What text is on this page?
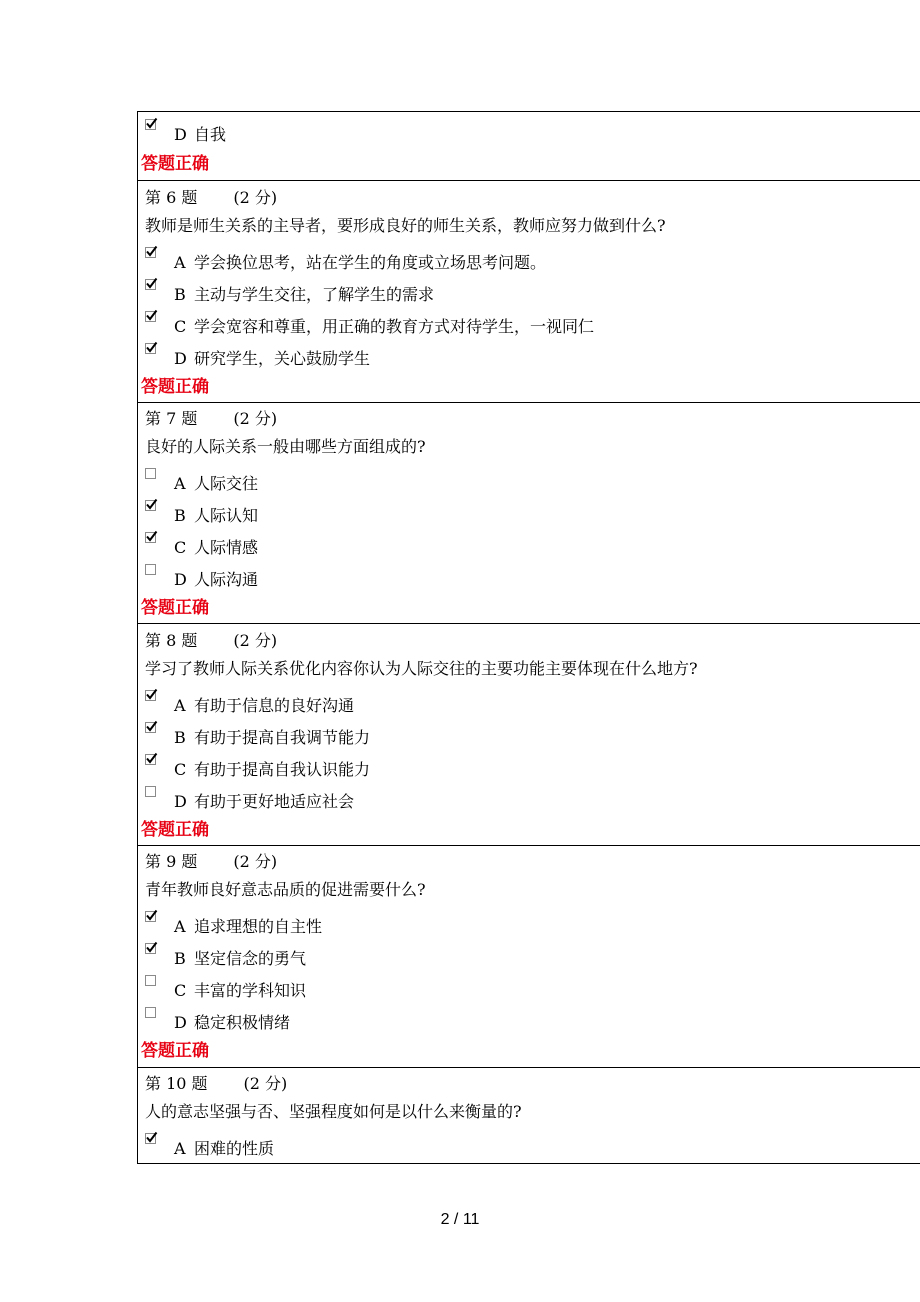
D 自我
答题正确
第 6 题 (2 分)
教师是师生关系的主导者，要形成良好的师生关系，教师应努力做到什么?
A 学会换位思考，站在学生的角度或立场思考问题。
B 主动与学生交往，了解学生的需求
C 学会宽容和尊重，用正确的教育方式对待学生，一视同仁
D 研究学生，关心鼓励学生
答题正确
第 7 题 (2 分)
良好的人际关系一般由哪些方面组成的?
A 人际交往
B 人际认知
C 人际情感
D 人际沟通
答题正确
第 8 题 (2 分)
学习了教师人际关系优化内容你认为人际交往的主要功能主要体现在什么地方?
A 有助于信息的良好沟通
B 有助于提高自我调节能力
C 有助于提高自我认识能力
D 有助于更好地适应社会
答题正确
第 9 题 (2 分)
青年教师良好意志品质的促进需要什么?
A 追求理想的自主性
B 坚定信念的勇气
C 丰富的学科知识
D 稳定积极情绪
答题正确
第 10 题 (2 分)
人的意志坚强与否、坚强程度如何是以什么来衡量的?
A 困难的性质
2 / 11
